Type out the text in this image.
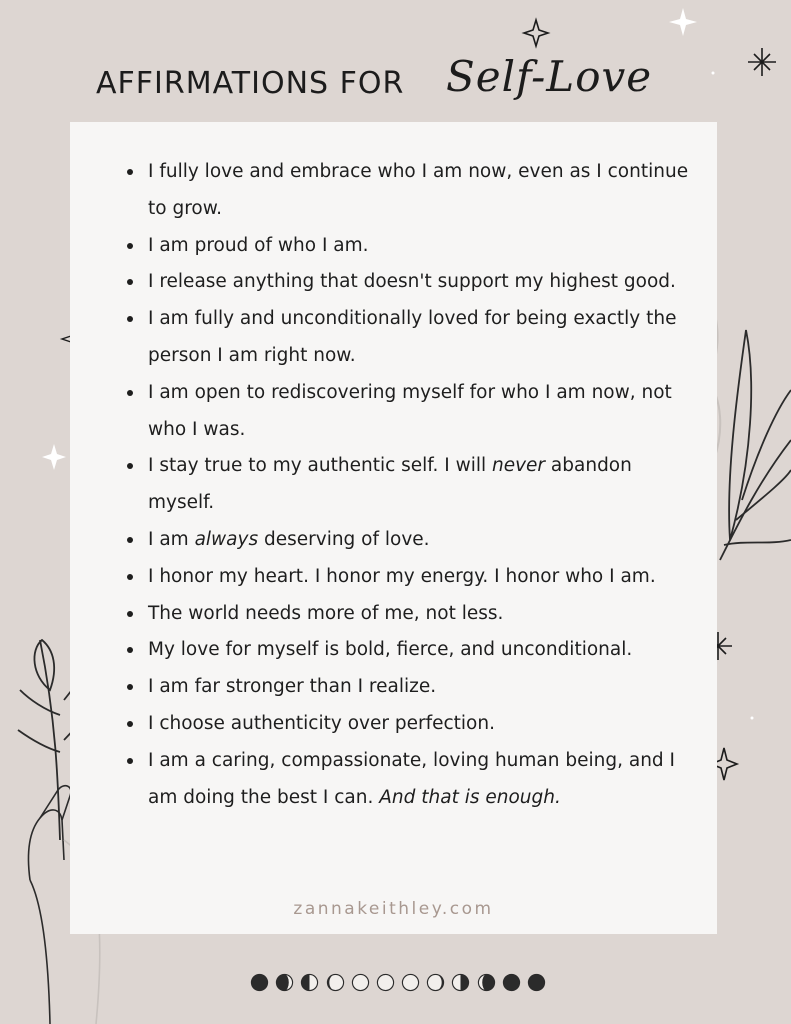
AFFIRMATIONS FOR Self-Love
I fully love and embrace who I am now, even as I continue to grow.
I am proud of who I am.
I release anything that doesn't support my highest good.
I am fully and unconditionally loved for being exactly the person I am right now.
I am open to rediscovering myself for who I am now, not who I was.
I stay true to my authentic self. I will never abandon myself.
I am always deserving of love.
I honor my heart. I honor my energy. I honor who I am.
The world needs more of me, not less.
My love for myself is bold, fierce, and unconditional.
I am far stronger than I realize.
I choose authenticity over perfection.
I am a caring, compassionate, loving human being, and I am doing the best I can. And that is enough.
zannakeithley.com
